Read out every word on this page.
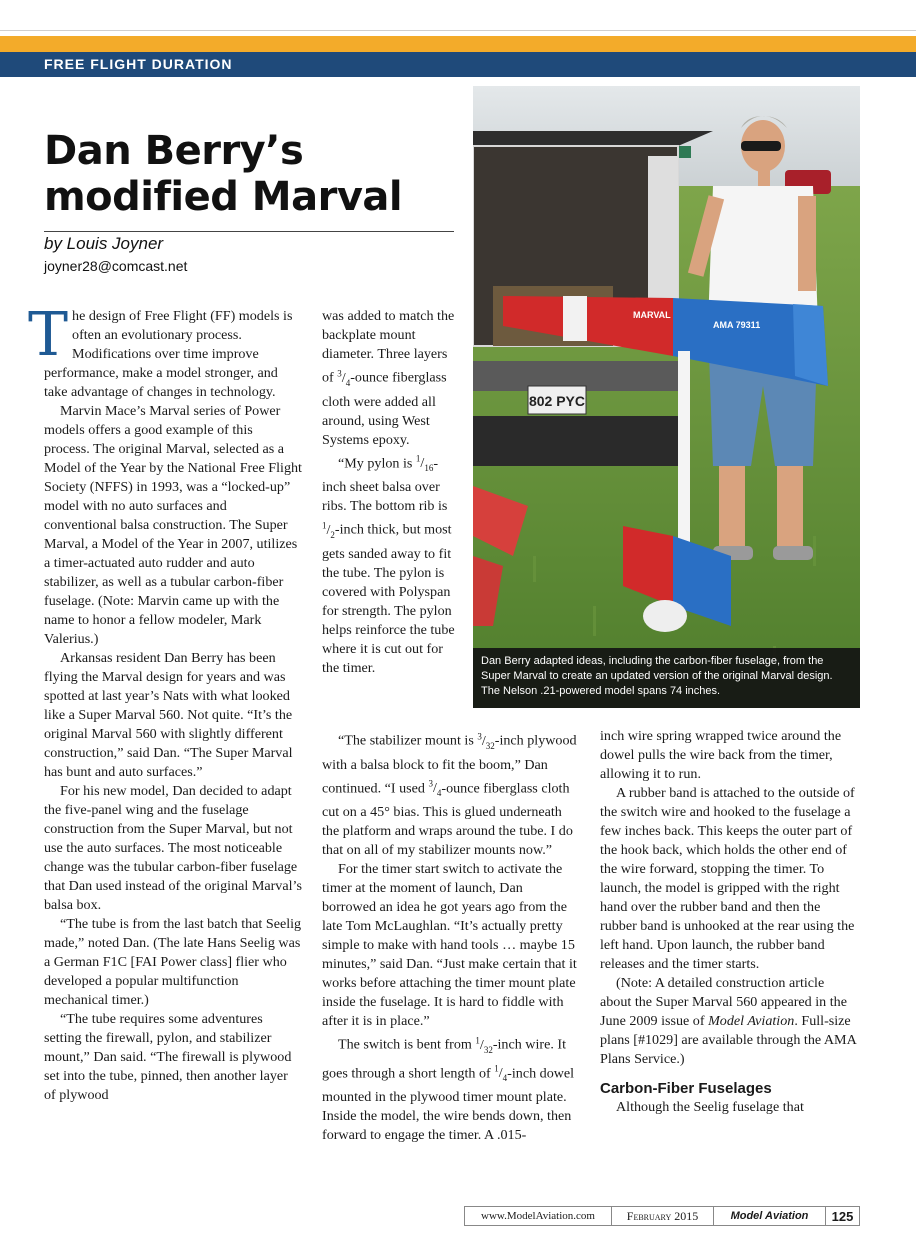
FREE FLIGHT DURATION
Dan Berry’s
modified Marval
by Louis Joyner
joyner28@comcast.net

The design of Free Flight (FF) models is often an evolutionary process. Modifications over time improve performance, make a model stronger, and take advantage of changes in technology.

Marvin Mace’s Marval series of Power models offers a good example of this process. The original Marval, selected as a Model of the Year by the National Free Flight Society (NFFS) in 1993, was a “locked-up” model with no auto surfaces and conventional balsa construction. The Super Marval, a Model of the Year in 2007, utilizes a timer-actuated auto rudder and auto stabilizer, as well as a tubular carbon-fiber fuselage. (Note: Marvin came up with the name to honor a fellow modeler, Mark Valerius.)

Arkansas resident Dan Berry has been flying the Marval design for years and was spotted at last year’s Nats with what looked like a Super Marval 560. Not quite. “It’s the original Marval 560 with slightly different construction,” said Dan. “The Super Marval has bunt and auto surfaces.”

For his new model, Dan decided to adapt the five-panel wing and the fuselage construction from the Super Marval, but not use the auto surfaces. The most noticeable change was the tubular carbon-fiber fuselage that Dan used instead of the original Marval’s balsa box.

“The tube is from the last batch that Seelig made,” noted Dan. (The late Hans Seelig was a German F1C [FAI Power class] flier who developed a popular multifunction mechanical timer.)

“The tube requires some adventures setting the firewall, pylon, and stabilizer mount,” Dan said. “The firewall is plywood set into the tube, pinned, then another layer of plywood

was added to match the backplate mount diameter. Three layers of $^3/_4$-ounce fiberglass cloth were added all around, using West Systems epoxy.

“My pylon is $^1/_{16}$-inch sheet balsa over ribs. The bottom rib is $^1/_2$-inch thick, but most gets sanded away to fit the tube. The pylon is covered with Polyspan for strength. The pylon helps reinforce the tube where it is cut out for the timer.

“The stabilizer mount is $^3/_{32}$-inch plywood with a balsa block to fit the boom,” Dan continued. “I used $^3/_4$-ounce fiberglass cloth cut on a 45° bias. This is glued underneath the platform and wraps around the tube. I do that on all of my stabilizer mounts now.”

For the timer start switch to activate the timer at the moment of launch, Dan borrowed an idea he got years ago from the late Tom McLaughlan. “It’s actually pretty simple to make with hand tools … maybe 15 minutes,” said Dan. “Just make certain that it works before attaching the timer mount plate inside the fuselage. It is hard to fiddle with after it is in place.”

The switch is bent from $^1/_{32}$-inch wire. It goes through a short length of $^1/_4$-inch dowel mounted in the plywood timer mount plate. Inside the model, the wire bends down, then forward to engage the timer. A .015-

inch wire spring wrapped twice around the dowel pulls the wire back from the timer, allowing it to run.

A rubber band is attached to the outside of the switch wire and hooked to the fuselage a few inches back. This keeps the outer part of the hook back, which holds the other end of the wire forward, stopping the timer. To launch, the model is gripped with the right hand over the rubber band and then the rubber band is unhooked at the rear using the left hand. Upon launch, the rubber band releases and the timer starts.

(Note: A detailed construction article about the Super Marval 560 appeared in the June 2009 issue of Model Aviation. Full-size plans [#1029] are available through the AMA Plans Service.)

Carbon-Fiber Fuselages

Although the Seelig fuselage that

802 PYC
MARVAL
AMA 79311
Dan Berry adapted ideas, including the carbon-fiber fuselage, from the Super Marval to create an updated version of the original Marval design. The Nelson .21-powered model spans 74 inches.
www.ModelAviation.com	February 2015	Model Aviation	125
